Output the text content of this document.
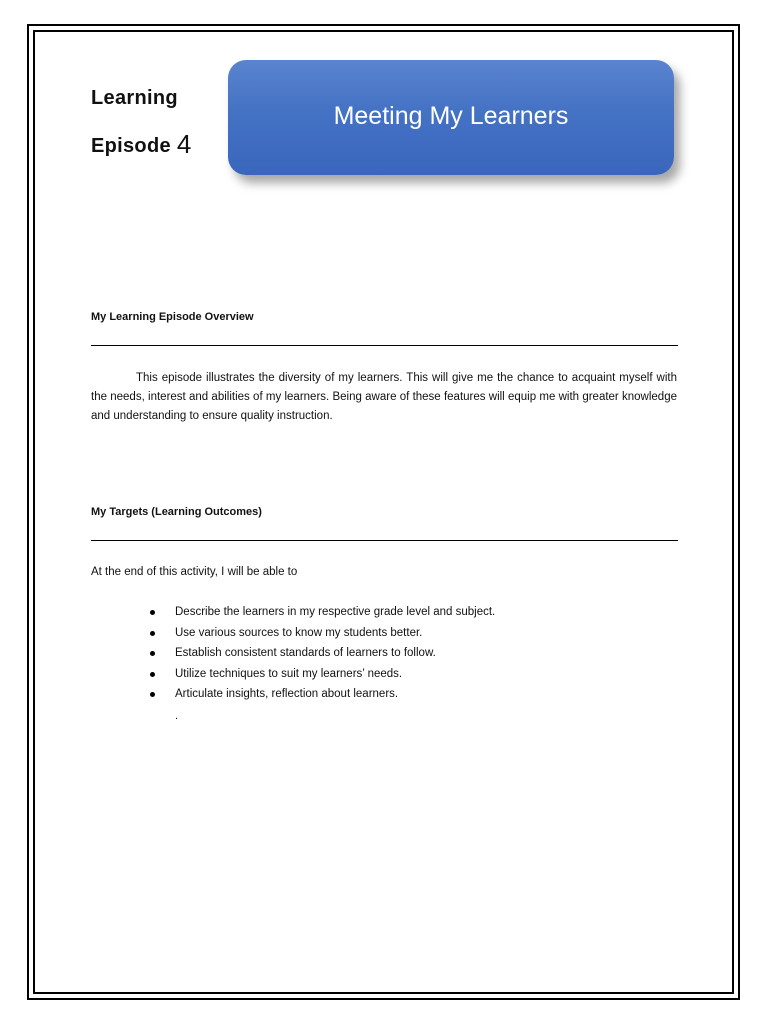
Learning
Episode 4
Meeting My Learners
My Learning Episode Overview

This episode illustrates the diversity of my learners. This will give me the chance to acquaint myself with the needs, interest and abilities of my learners. Being aware of these features will equip me with greater knowledge and understanding to ensure quality instruction.

My Targets (Learning Outcomes)
At the end of this activity, I will be able to
Describe the learners in my respective grade level and subject.
Use various sources to know my students better.
Establish consistent standards of learners to follow.
Utilize techniques to suit my learners’ needs.
Articulate insights, reflection about learners.
.
